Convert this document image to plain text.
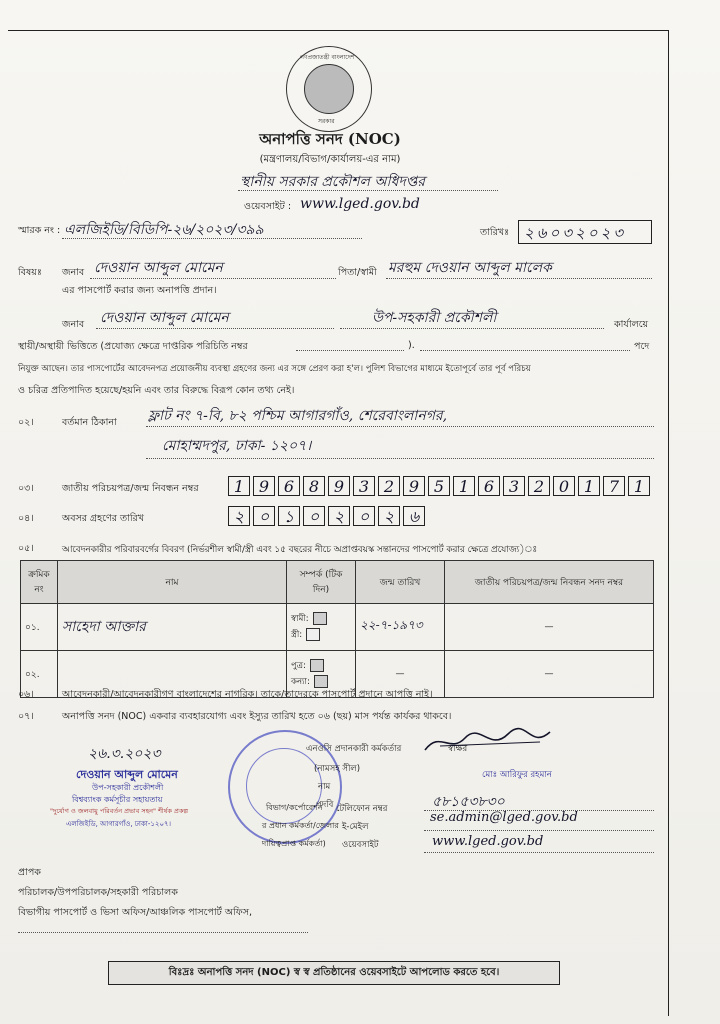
গণপ্রজাতন্ত্রী বাংলাদেশ
সরকার
অনাপত্তি সনদ (NOC)
(মন্ত্রণালয়/বিভাগ/কার্যালয়-এর নাম)
স্থানীয় সরকার প্রকৌশল অধিদপ্তর
ওয়েবসাইট : www.lged.gov.bd
স্মারক নং : এলজিইডি/বিডিপি-২৬/২০২৩/৩৯৯	তারিখঃ ২৬০৩২০২৩
বিষয়ঃ জনাব দেওয়ান আব্দুল মোমেন	পিতা/স্বামী মরহুম দেওয়ান আব্দুল মালেক
এর পাসপোর্ট করার জন্য অনাপত্তি প্রদান।
জনাব দেওয়ান আব্দুল মোমেন	উপ-সহকারী প্রকৌশলী	কার্যালয়ে
স্থায়ী/অস্থায়ী ভিত্তিতে (প্রযোজ্য ক্ষেত্রে দাপ্তরিক পরিচিতি নম্বর	).	পদে
নিযুক্ত আছেন। তার পাসপোর্টের আবেদনপত্র প্রয়োজনীয় ব্যবস্থা গ্রহণের জন্য এর সঙ্গে প্রেরণ করা হ'ল। পুলিশ বিভাগের মাধ্যমে ইতোপূর্বে তার পূর্ব পরিচয়
ও চরিত্র প্রতিপাদিত হয়েছে/হয়নি এবং তার বিরুদ্ধে বিরূপ কোন তথ্য নেই।
০২।	বর্তমান ঠিকানা ফ্লাট নং ৭-বি, ৮২ পশ্চিম আগারগাঁও, শেরেবাংলানগর,
মোহাম্মদপুর, ঢাকা- ১২০৭।
০৩।	জাতীয় পরিচয়পত্র/জন্ম নিবন্ধন নম্বর	1 9 6 8 9 3 2 9 5 1 6 3 2 0 1 7 1
০৪।	অবসর গ্রহণের তারিখ	২ ০ ১ ০ ২ ০ ২ ৬
০৫।	আবেদনকারীর পরিবারবর্গের বিবরণ (নির্ভরশীল স্বামী/স্ত্রী এবং ১৫ বছরের নীচে অপ্রাপ্তবয়স্ক সন্তানদের পাসপোর্ট করার ক্ষেত্রে প্রযোজ্য)ঃ
ক্রমিক নং	নাম	সম্পর্ক (টিক দিন)	জন্ম তারিখ	জাতীয় পরিচয়পত্র/জন্ম নিবন্ধন সনদ নম্বর
০১.	সাহেদা আক্তার	স্বামী:
স্ত্রী:	২২-৭-১৯৭৩	—
০২.		পুত্র:
কন্যা:	—	—
০৬।	আবেদনকারী/আবেদনকারীগণ বাংলাদেশের নাগরিক। তাকে/তাদেরকে পাসপোর্ট প্রদানে আপত্তি নাই।
০৭।	অনাপত্তি সনদ (NOC) একবার ব্যবহারযোগ্য এবং ইস্যুর তারিখ হতে ০৬ (ছয়) মাস পর্যন্ত কার্যকর থাকবে।
এনওসি প্রদানকারী কর্মকর্তার	স্বাক্ষর
(নামসহ সীল)
নাম
পদবি
বিভাগ/কর্পোরেশন টেলিফোন নম্বর
র প্রধান কর্মকর্তা/জেলার ই-মেইল
দায়িত্বপ্রাপ্ত কর্মকর্তা) ওয়েবসাইট
মোঃ আরিফুর রহমান
৫৮১৫৩৮৩০
se.admin@lged.gov.bd
www.lged.gov.bd
২৬.৩.২০২৩
দেওয়ান আব্দুল মোমেন
উপ-সহকারী প্রকৌশলী
বিশ্বব্যাংক কর্মসূচীর সহায়তায়
"দুর্যোগ ও জলবায়ু পরিবর্তন প্রভাব সহন" শীর্ষক প্রকল্প
এলজিইডি, আগারগাঁও, ঢাকা-১২০৭।
প্রাপক
পরিচালক/উপপরিচালক/সহকারী পরিচালক
বিভাগীয় পাসপোর্ট ও ভিসা অফিস/আঞ্চলিক পাসপোর্ট অফিস,
বিঃদ্রঃ অনাপত্তি সনদ (NOC) স্ব স্ব প্রতিষ্ঠানের ওয়েবসাইটে আপলোড করতে হবে।
